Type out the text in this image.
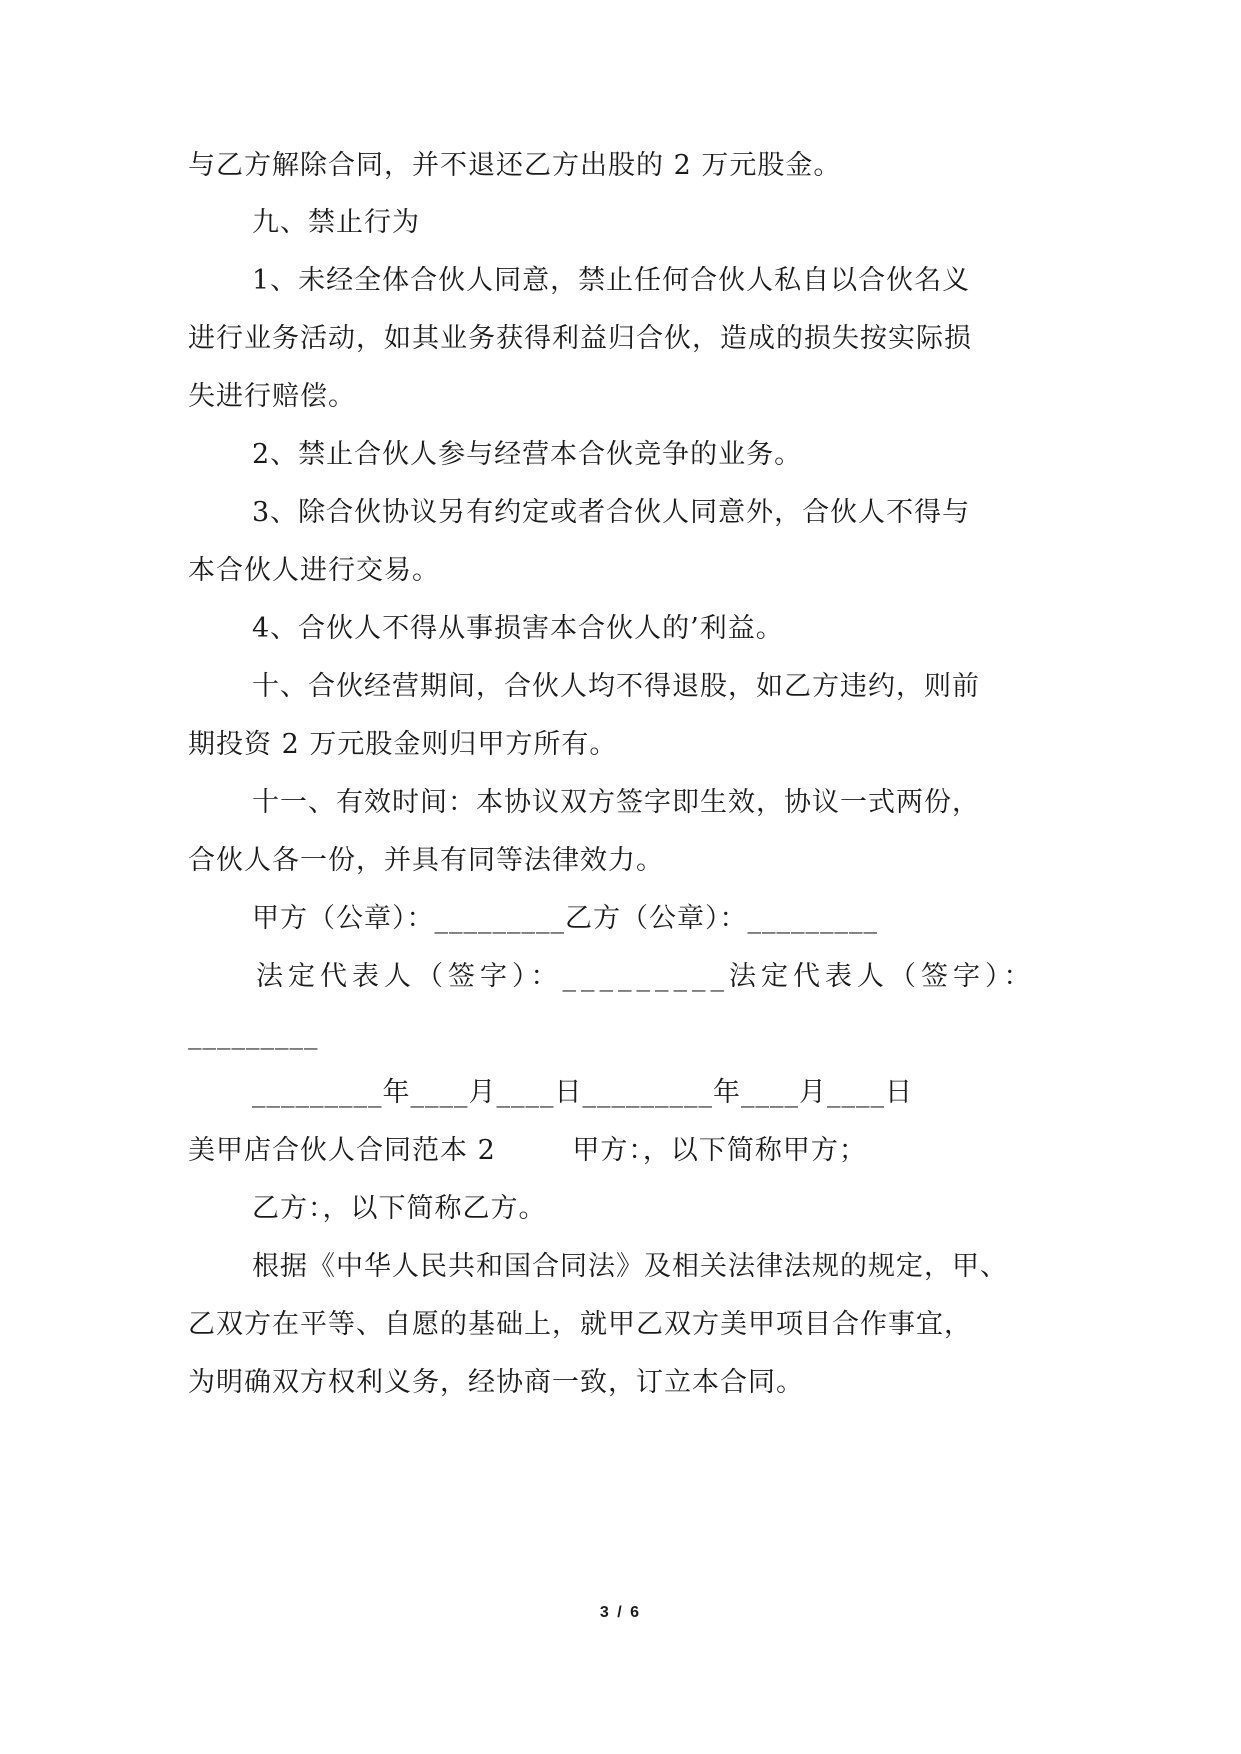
与乙方解除合同，并不退还乙方出股的 2 万元股金。
九、禁止行为
1、未经全体合伙人同意，禁止任何合伙人私自以合伙名义
进行业务活动，如其业务获得利益归合伙，造成的损失按实际损
失进行赔偿。
2、禁止合伙人参与经营本合伙竞争的业务。
3、除合伙协议另有约定或者合伙人同意外，合伙人不得与
本合伙人进行交易。
4、合伙人不得从事损害本合伙人的’利益。
十、合伙经营期间，合伙人均不得退股，如乙方违约，则前
期投资 2 万元股金则归甲方所有。
十一、有效时间：本协议双方签字即生效，协议一式两份，
合伙人各一份，并具有同等法律效力。
甲方（公章）：_________乙方（公章）：_________
法定代表人（签字）：_________法定代表人（签字）：
_________
_________年____月____日_________年____月____日
美甲店合伙人合同范本 2        甲方：，以下简称甲方；
乙方：，以下简称乙方。
根据《中华人民共和国合同法》及相关法律法规的规定，甲、
乙双方在平等、自愿的基础上，就甲乙双方美甲项目合作事宜，
为明确双方权利义务，经协商一致，订立本合同。
3 / 6
